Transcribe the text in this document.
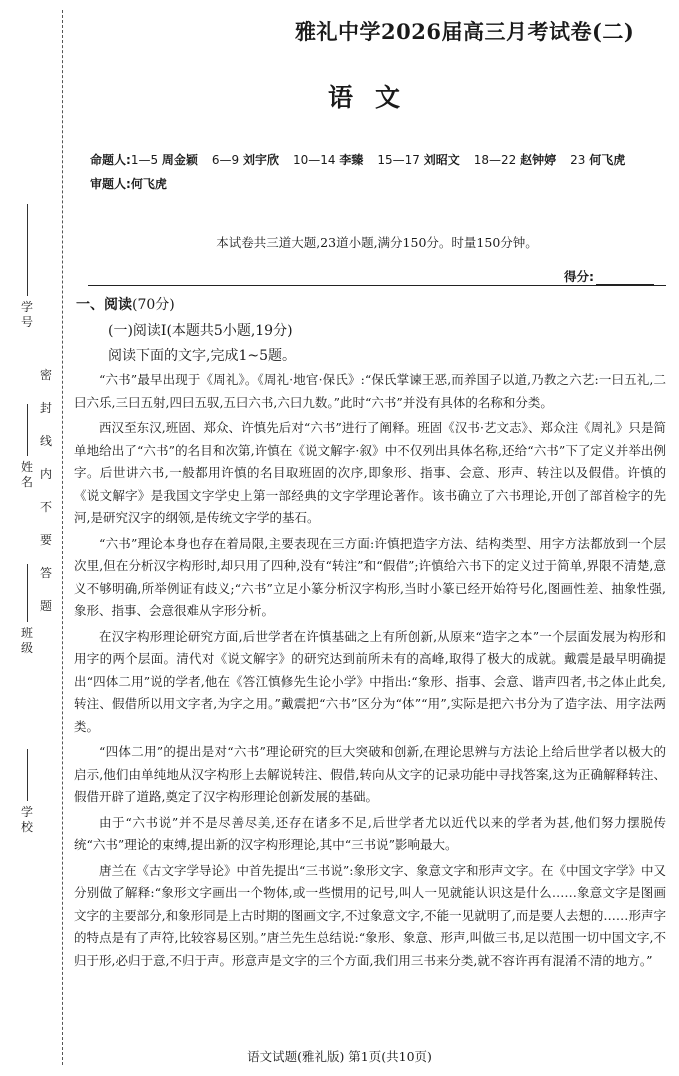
学
号
姓
名
班
级
学
校
密
封
线
内
不
要
答
题
雅礼中学2026届高三月考试卷(二)
语文
命题人:1—5 周金颖 6—9 刘宇欣 10—14 李臻 15—17 刘昭文 18—22 赵钟婷 23 何飞虎
审题人:何飞虎
本试卷共三道大题,23道小题,满分150分。时量150分钟。
得分:
一、阅读(70分)
(一)阅读Ⅰ(本题共5小题,19分)
阅读下面的文字,完成1~5题。

“六书”最早出现于《周礼》。《周礼·地官·保氏》:“保氏掌谏王恶,而养国子以道,乃教之六艺:一曰五礼,二曰六乐,三曰五射,四曰五驭,五曰六书,六曰九数。”此时“六书”并没有具体的名称和分类。

西汉至东汉,班固、郑众、许慎先后对“六书”进行了阐释。班固《汉书·艺文志》、郑众注《周礼》只是简单地给出了“六书”的名目和次第,许慎在《说文解字·叙》中不仅列出具体名称,还给“六书”下了定义并举出例字。后世讲六书,一般都用许慎的名目取班固的次序,即象形、指事、会意、形声、转注以及假借。许慎的《说文解字》是我国文字学史上第一部经典的文字学理论著作。该书确立了六书理论,开创了部首检字的先河,是研究汉字的纲领,是传统文字学的基石。

“六书”理论本身也存在着局限,主要表现在三方面:许慎把造字方法、结构类型、用字方法都放到一个层次里,但在分析汉字构形时,却只用了四种,没有“转注”和“假借”;许慎给六书下的定义过于简单,界限不清楚,意义不够明确,所举例证有歧义;“六书”立足小篆分析汉字构形,当时小篆已经开始符号化,图画性差、抽象性强,象形、指事、会意很难从字形分析。

在汉字构形理论研究方面,后世学者在许慎基础之上有所创新,从原来“造字之本”一个层面发展为构形和用字的两个层面。清代对《说文解字》的研究达到前所未有的高峰,取得了极大的成就。戴震是最早明确提出“四体二用”说的学者,他在《答江慎修先生论小学》中指出:“象形、指事、会意、谐声四者,书之体止此矣,转注、假借所以用文字者,为字之用。”戴震把“六书”区分为“体”“用”,实际是把六书分为了造字法、用字法两类。

“四体二用”的提出是对“六书”理论研究的巨大突破和创新,在理论思辨与方法论上给后世学者以极大的启示,他们由单纯地从汉字构形上去解说转注、假借,转向从文字的记录功能中寻找答案,这为正确解释转注、假借开辟了道路,奠定了汉字构形理论创新发展的基础。

由于“六书说”并不是尽善尽美,还存在诸多不足,后世学者尤以近代以来的学者为甚,他们努力摆脱传统“六书”理论的束缚,提出新的汉字构形理论,其中“三书说”影响最大。

唐兰在《古文字学导论》中首先提出“三书说”:象形文字、象意文字和形声文字。在《中国文字学》中又分别做了解释:“象形文字画出一个物体,或一些惯用的记号,叫人一见就能认识这是什么……象意文字是图画文字的主要部分,和象形同是上古时期的图画文字,不过象意文字,不能一见就明了,而是要人去想的……形声字的特点是有了声符,比较容易区别。”唐兰先生总结说:“象形、象意、形声,叫做三书,足以范围一切中国文字,不归于形,必归于意,不归于声。形意声是文字的三个方面,我们用三书来分类,就不容许再有混淆不清的地方。”

语文试题(雅礼版) 第1页(共10页)
